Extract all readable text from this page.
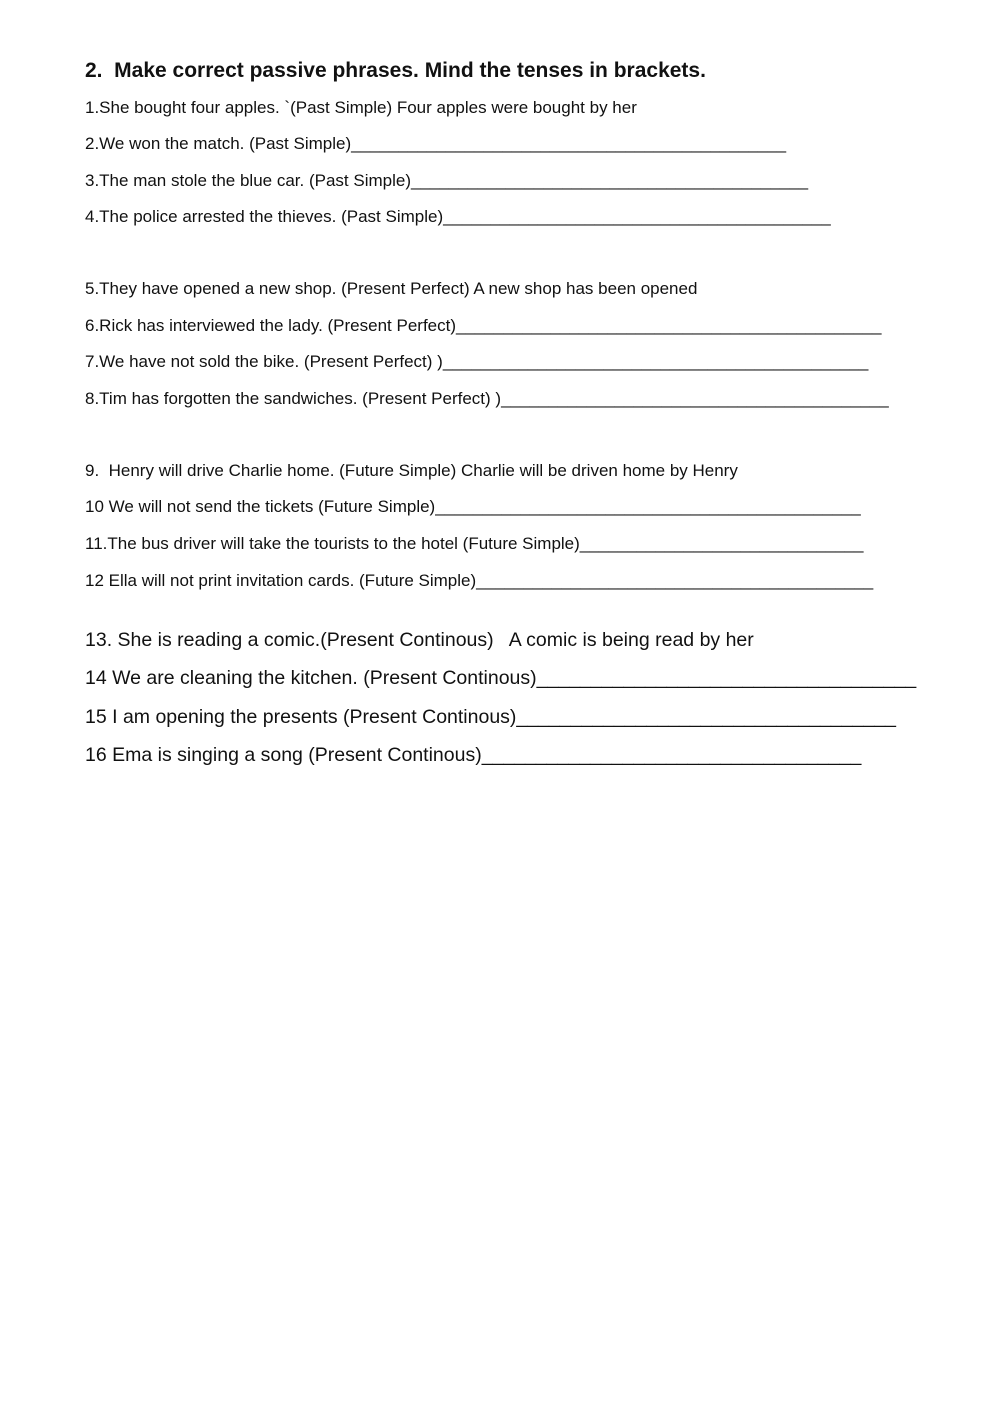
2.  Make correct passive phrases. Mind the tenses in brackets.
1.She bought four apples. `(Past Simple) Four apples were bought by her
2.We won the match. (Past Simple)______________________________________________
3.The man stole the blue car. (Past Simple)__________________________________________
4.The police arrested the thieves. (Past Simple)_________________________________________
5.They have opened a new shop. (Present Perfect) A new shop has been opened
6.Rick has interviewed the lady. (Present Perfect)_____________________________________________
7.We have not sold the bike. (Present Perfect) )_____________________________________________
8.Tim has forgotten the sandwiches. (Present Perfect) )_________________________________________
9.  Henry will drive Charlie home. (Future Simple) Charlie will be driven home by Henry
10 We will not send the tickets (Future Simple)_____________________________________________
11.The bus driver will take the tourists to the hotel (Future Simple)______________________________
12 Ella will not print invitation cards. (Future Simple)__________________________________________
13. She is reading a comic.(Present Continous)   A comic is being read by her
14 We are cleaning the kitchen. (Present Continous)___________________________________
15 I am opening the presents (Present Continous)___________________________________
16 Ema is singing a song (Present Continous)___________________________________
